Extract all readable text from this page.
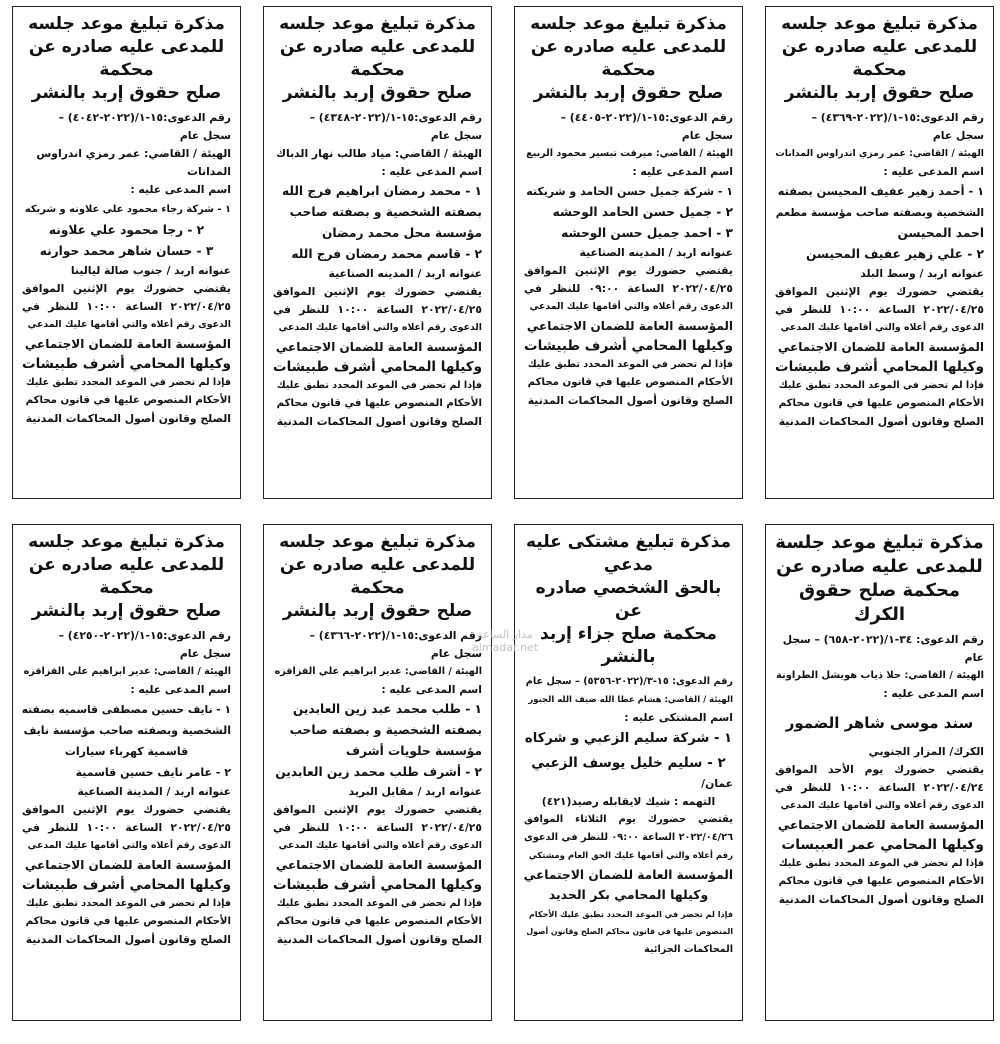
مذكرة تبليغ موعد جلسه
للمدعى عليه صادره عن محكمة
صلح حقوق إربد بالنشر
رقم الدعوى:١٥-١/(٢٠٢٢-٤٣٦٩) –
سجل عام
الهيئة / القاضي: عمر رمزي اندراوس المدانات
اسم المدعى عليه :
١ - أحمد زهير عفيف المحيسن بصفته
الشخصية وبصفته صاحب مؤسسة مطعم
احمد المحيسن
٢ - علي زهير عفيف المحيسن
عنوانه اربد / وسط البلد
يقتضي حضورك يوم الإثنين الموافق
٢٠٢٢/٠٤/٢٥ الساعة ١٠:٠٠ للنظر في
الدعوى رقم أعلاه والتي أقامها عليك المدعي
المؤسسة العامة للضمان الاجتماعي
وكيلها المحامي أشرف طبيشات
فإذا لم تحضر في الموعد المحدد تطبق عليك
الأحكام المنصوص عليها في قانون محاكم
الصلح وقانون أصول المحاكمات المدنية
مذكرة تبليغ موعد جلسه
للمدعى عليه صادره عن محكمة
صلح حقوق إربد بالنشر
رقم الدعوى:١٥-١/(٢٠٢٢-٤٤٠٥) –
سجل عام
الهيئة / القاضي: ميرفت تيسير محمود الربيع
اسم المدعى عليه :
١ - شركة جميل حسن الحامد و شريكته
٢ - جميل حسن الحامد الوحشه
٣ - احمد جميل حسن الوحشه
عنوانه اربد / المدينه الصناعية
يقتضي حضورك يوم الإثنين الموافق
٢٠٢٢/٠٤/٢٥ الساعة ٠٩:٠٠ للنظر في
الدعوى رقم أعلاه والتي أقامها عليك المدعي
المؤسسة العامة للضمان الاجتماعي
وكيلها المحامي أشرف طبيشات
فإذا لم تحضر في الموعد المحدد تطبق عليك
الأحكام المنصوص عليها في قانون محاكم
الصلح وقانون أصول المحاكمات المدنية
مذكرة تبليغ موعد جلسه
للمدعى عليه صادره عن محكمة
صلح حقوق إربد بالنشر
رقم الدعوى:١٥-١/(٢٠٢٢-٤٣٤٨) –
سجل عام
الهيئة / القاضي: مياد طالب نهار الدباك
اسم المدعى عليه :
١ - محمد رمضان ابراهيم فرج الله
بصفته الشخصية و بصفته صاحب
مؤسسة محل محمد رمضان
٢ - قاسم محمد رمضان فرج الله
عنوانه اربد / المدينه الصناعية
يقتضي حضورك يوم الإثنين الموافق
٢٠٢٢/٠٤/٢٥ الساعة ١٠:٠٠ للنظر في
الدعوى رقم أعلاه والتي أقامها عليك المدعي
المؤسسة العامة للضمان الاجتماعي
وكيلها المحامي أشرف طبيشات
فإذا لم تحضر في الموعد المحدد تطبق عليك
الأحكام المنصوص عليها في قانون محاكم
الصلح وقانون أصول المحاكمات المدنية
مذكرة تبليغ موعد جلسه
للمدعى عليه صادره عن محكمة
صلح حقوق إربد بالنشر
رقم الدعوى:١٥-١/(٢٠٢٢-٤٠٤٢) –
سجل عام
الهيئة / القاضي: عمر رمزي اندراوس
المدانات
اسم المدعى عليه :
١ - شركة رجاء محمود علي علاونه و شريكه
٢ - رجا محمود علي علاونه
٣ - حسان شاهر محمد حوارنه
عنوانه اربد / جنوب صالة ليالينا
يقتضي حضورك يوم الإثنين الموافق
٢٠٢٢/٠٤/٢٥ الساعة ١٠:٠٠ للنظر في
الدعوى رقم أعلاه والتي أقامها عليك المدعي
المؤسسة العامة للضمان الاجتماعي
وكيلها المحامي أشرف طبيشات
فإذا لم تحضر في الموعد المحدد تطبق عليك
الأحكام المنصوص عليها في قانون محاكم
الصلح وقانون أصول المحاكمات المدنية
مذكرة تبليغ موعد جلسة
للمدعى عليه صادره عن
محكمة صلح حقوق الكرك
رقم الدعوى: ٣٤-١/(٢٠٢٢-٦٥٨) – سجل
عام
الهيئة / القاضي: حلا ذياب هويشل الطراونة
اسم المدعى عليه :
سند موسى شاهر الضمور
الكرك/ المزار الجنوبي
يقتضي حضورك يوم الأحد الموافق
٢٠٢٢/٠٤/٢٤ الساعة ١٠:٠٠ للنظر في
الدعوى رقم أعلاه والتي أقامها عليك المدعي
المؤسسة العامة للضمان الاجتماعي
وكيلها المحامي عمر العبيسات
فإذا لم تحضر في الموعد المحدد تطبق عليك
الأحكام المنصوص عليها في قانون محاكم
الصلح وقانون أصول المحاكمات المدنية
مذكرة تبليغ مشتكى عليه مدعي
بالحق الشخصي صادره عن
محكمة صلح جزاء إربد بالنشر
رقم الدعوى: ١٥-٣/(٢٠٢٢-٥٣٥٦) – سجل عام
الهيئة / القاضي: هشام عطا الله ضيف الله الجبور
اسم المشتكى عليه :
١ - شركة سليم الزعبي و شركاه
٢ - سليم خليل يوسف الزعبي
عمان/
التهمه : شيك لايقابله رصيد(٤٢١)
يقتضي حضورك يوم الثلاثاء الموافق
٢٠٢٢/٠٤/٢٦ الساعة ٠٩:٠٠ للنظر في الدعوى
رقم أعلاه والتي أقامها عليك الحق العام ومشتكي
المؤسسة العامة للضمان الاجتماعي
وكيلها المحامي بكر الحديد
فإذا لم تحضر في الموعد المحدد تطبق عليك الأحكام
المنصوص عليها في قانون محاكم الصلح وقانون أصول
المحاكمات الجزائية
مذكرة تبليغ موعد جلسه
للمدعى عليه صادره عن محكمة
صلح حقوق إربد بالنشر
رقم الدعوى:١٥-١/(٢٠٢٢-٤٣٦٦) –
سجل عام
الهيئة / القاضي: غدير ابراهيم علي القزاقزه
اسم المدعى عليه :
١ - طلب محمد عبد زين العابدين
بصفته الشخصية و بصفته صاحب
مؤسسة حلويات أشرف
٢ - أشرف طلب محمد زين العابدين
عنوانه اربد / مقابل البريد
يقتضي حضورك يوم الإثنين الموافق
٢٠٢٢/٠٤/٢٥ الساعة ١٠:٠٠ للنظر في
الدعوى رقم أعلاه والتي أقامها عليك المدعي
المؤسسة العامة للضمان الاجتماعي
وكيلها المحامي أشرف طبيشات
فإذا لم تحضر في الموعد المحدد تطبق عليك
الأحكام المنصوص عليها في قانون محاكم
الصلح وقانون أصول المحاكمات المدنية
مذكرة تبليغ موعد جلسه
للمدعى عليه صادره عن محكمة
صلح حقوق إربد بالنشر
رقم الدعوى:١٥-١/(٢٠٢٢-٤٢٥٠) –
سجل عام
الهيئة / القاضي: غدير ابراهيم علي القزاقزه
اسم المدعى عليه :
١ - نايف حسين مصطفى قاسميه بصفته
الشخصية وبصفته صاحب مؤسسة نايف
قاسمية كهرباء سيارات
٢ - عامر نايف حسين قاسمية
عنوانه اربد / المدينة الصناعية
يقتضي حضورك يوم الإثنين الموافق
٢٠٢٢/٠٤/٢٥ الساعة ١٠:٠٠ للنظر في
الدعوى رقم أعلاه والتي أقامها عليك المدعي
المؤسسة العامة للضمان الاجتماعي
وكيلها المحامي أشرف طبيشات
فإذا لم تحضر في الموعد المحدد تطبق عليك
الأحكام المنصوص عليها في قانون محاكم
الصلح وقانون أصول المحاكمات المدنية
مدار الساعة
almadar.net
